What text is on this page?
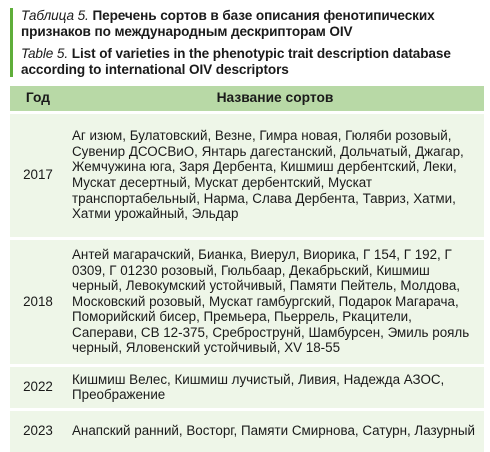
Таблица 5. Перечень сортов в базе описания фенотипических признаков по международным дескрипторам OIV

Table 5. List of varieties in the phenotypic trait description database according to international OIV descriptors

Год	Название сортов
2017	Аг изюм, Булатовский, Везне, Гимра новая, Гюляби розовый, Сувенир ДСОСВиО, Янтарь дагестанский, Дольчатый, Джагар, Жемчужина юга, Заря Дербента, Кишмиш дербентский, Леки, Мускат десертный, Мускат дербентский, Мускат транспортабельный, Нарма, Слава Дербента, Тавриз, Хатми, Хатми урожайный, Эльдар
2018	Антей магарачский, Бианка, Виерул, Виорика, Г 154, Г 192, Г 0309, Г 01230 розовый, Гюльбаар, Декабрьский, Кишмиш черный, Левокумский устойчивый, Памяти Пейтель, Молдова, Московский розовый, Мускат гамбургский, Подарок Магарача, Поморийский бисер, Премьера, Пьеррель, Ркацители, Саперави, СВ 12-375, Среброструнй, Шамбурсен, Эмиль рояль черный, Яловенский устойчивый, XV 18-55
2022	Кишмиш Велес, Кишмиш лучистый, Ливия, Надежда АЗОС, Преображение
2023	Анапский ранний, Восторг, Памяти Смирнова, Сатурн, Лазурный
